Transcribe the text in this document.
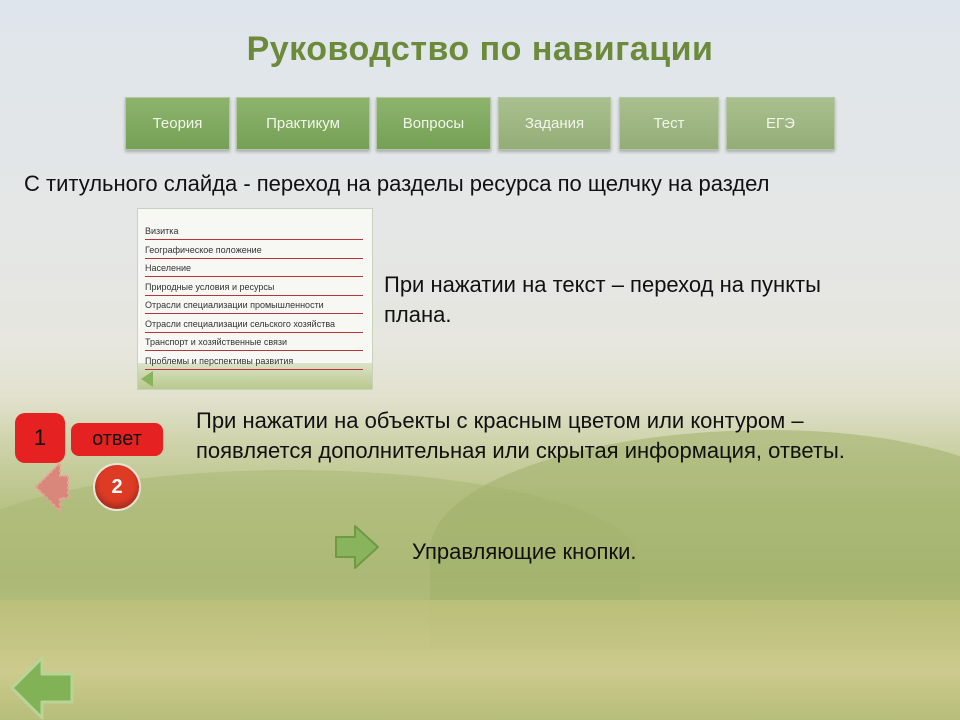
Руководство по навигации
Теория	Практикум	Вопросы	Задания	Тест	ЕГЭ
С титульного слайда - переход на разделы ресурса по щелчку на раздел
Визитка
Географическое положение
Население
Природные условия и ресурсы
Отрасли специализации промышленности
Отрасли специализации сельского хозяйства
Транспорт и хозяйственные связи
Проблемы и перспективы развития
При нажатии на текст – переход на пункты плана.
1 ответ
2
При нажатии на объекты с красным цветом или контуром – появляется дополнительная или скрытая информация, ответы.
Управляющие кнопки.
